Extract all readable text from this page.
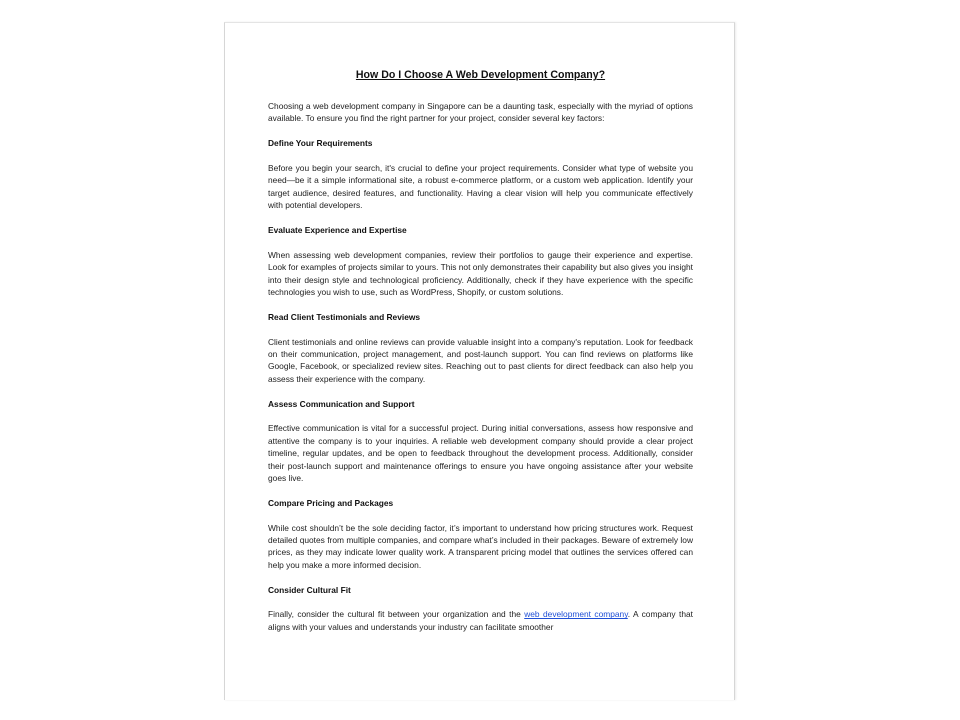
How Do I Choose A Web Development Company?
Choosing a web development company in Singapore can be a daunting task, especially with the myriad of options available. To ensure you find the right partner for your project, consider several key factors:
Define Your Requirements
Before you begin your search, it's crucial to define your project requirements. Consider what type of website you need—be it a simple informational site, a robust e-commerce platform, or a custom web application. Identify your target audience, desired features, and functionality. Having a clear vision will help you communicate effectively with potential developers.
Evaluate Experience and Expertise
When assessing web development companies, review their portfolios to gauge their experience and expertise. Look for examples of projects similar to yours. This not only demonstrates their capability but also gives you insight into their design style and technological proficiency. Additionally, check if they have experience with the specific technologies you wish to use, such as WordPress, Shopify, or custom solutions.
Read Client Testimonials and Reviews
Client testimonials and online reviews can provide valuable insight into a company's reputation. Look for feedback on their communication, project management, and post-launch support. You can find reviews on platforms like Google, Facebook, or specialized review sites. Reaching out to past clients for direct feedback can also help you assess their experience with the company.
Assess Communication and Support
Effective communication is vital for a successful project. During initial conversations, assess how responsive and attentive the company is to your inquiries. A reliable web development company should provide a clear project timeline, regular updates, and be open to feedback throughout the development process. Additionally, consider their post-launch support and maintenance offerings to ensure you have ongoing assistance after your website goes live.
Compare Pricing and Packages
While cost shouldn’t be the sole deciding factor, it’s important to understand how pricing structures work. Request detailed quotes from multiple companies, and compare what’s included in their packages. Beware of extremely low prices, as they may indicate lower quality work. A transparent pricing model that outlines the services offered can help you make a more informed decision.
Consider Cultural Fit
Finally, consider the cultural fit between your organization and the web development company. A company that aligns with your values and understands your industry can facilitate smoother
